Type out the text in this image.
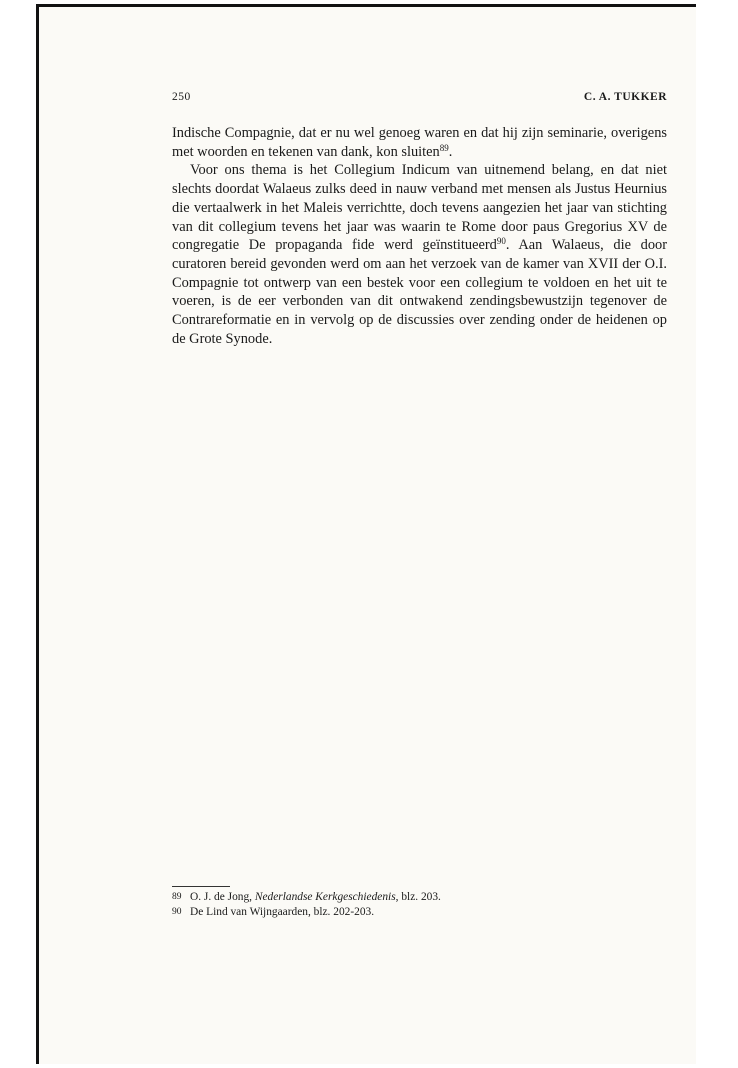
250	C. A. TUKKER

Indische Compagnie, dat er nu wel genoeg waren en dat hij zijn seminarie, overigens met woorden en tekenen van dank, kon sluiten$^{89}$.

Voor ons thema is het Collegium Indicum van uitnemend belang, en dat niet slechts doordat Walaeus zulks deed in nauw verband met mensen als Justus Heurnius die vertaalwerk in het Maleis verrichtte, doch tevens aangezien het jaar van stichting van dit collegium tevens het jaar was waarin te Rome door paus Gregorius XV de congregatie De propaganda fide werd geïnstitueerd$^{90}$. Aan Walaeus, die door curatoren bereid gevonden werd om aan het verzoek van de kamer van XVII der O.I. Compagnie tot ontwerp van een bestek voor een collegium te voldoen en het uit te voeren, is de eer verbonden van dit ontwakend zendingsbewustzijn tegenover de Contrareformatie en in vervolg op de discussies over zending onder de heidenen op de Grote Synode.

89 O. J. de Jong, Nederlandse Kerkgeschiedenis, blz. 203.
90 De Lind van Wijngaarden, blz. 202-203.
